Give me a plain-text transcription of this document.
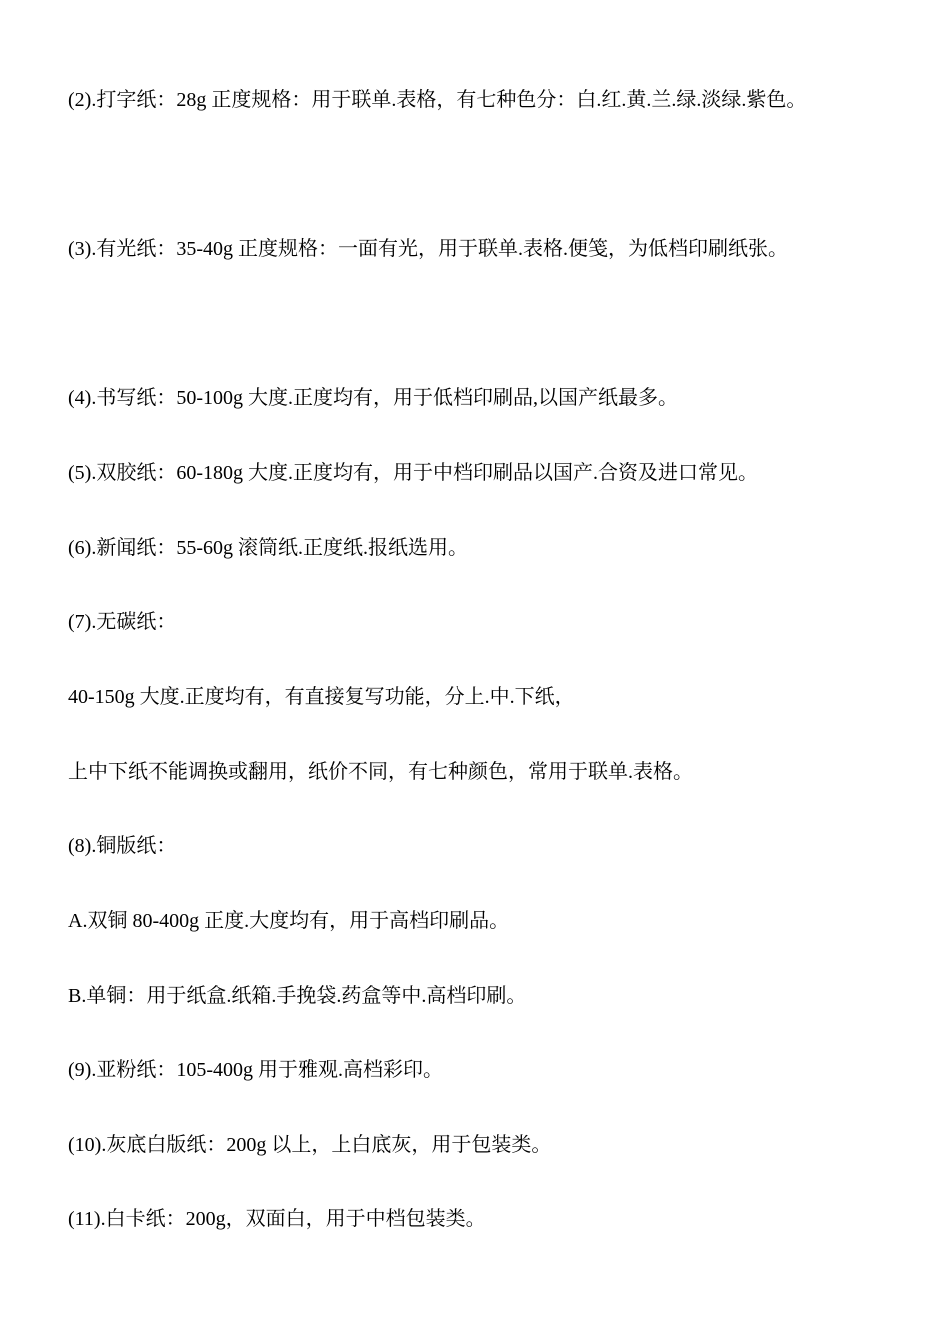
(2).打字纸：28g 正度规格：用于联单.表格，有七种色分：白.红.黄.兰.绿.淡绿.紫色。

(3).有光纸：35-40g 正度规格：一面有光，用于联单.表格.便笺，为低档印刷纸张。

(4).书写纸：50-100g 大度.正度均有，用于低档印刷品,以国产纸最多。

(5).双胶纸：60-180g 大度.正度均有，用于中档印刷品以国产.合资及进口常见。

(6).新闻纸：55-60g 滚筒纸.正度纸.报纸选用。

(7).无碳纸：

40-150g 大度.正度均有，有直接复写功能，分上.中.下纸，

上中下纸不能调换或翻用，纸价不同，有七种颜色，常用于联单.表格。

(8).铜版纸：

A.双铜 80-400g 正度.大度均有，用于高档印刷品。

B.单铜：用于纸盒.纸箱.手挽袋.药盒等中.高档印刷。

(9).亚粉纸：105-400g 用于雅观.高档彩印。

(10).灰底白版纸：200g 以上，上白底灰，用于包装类。

(11).白卡纸：200g，双面白，用于中档包装类。
